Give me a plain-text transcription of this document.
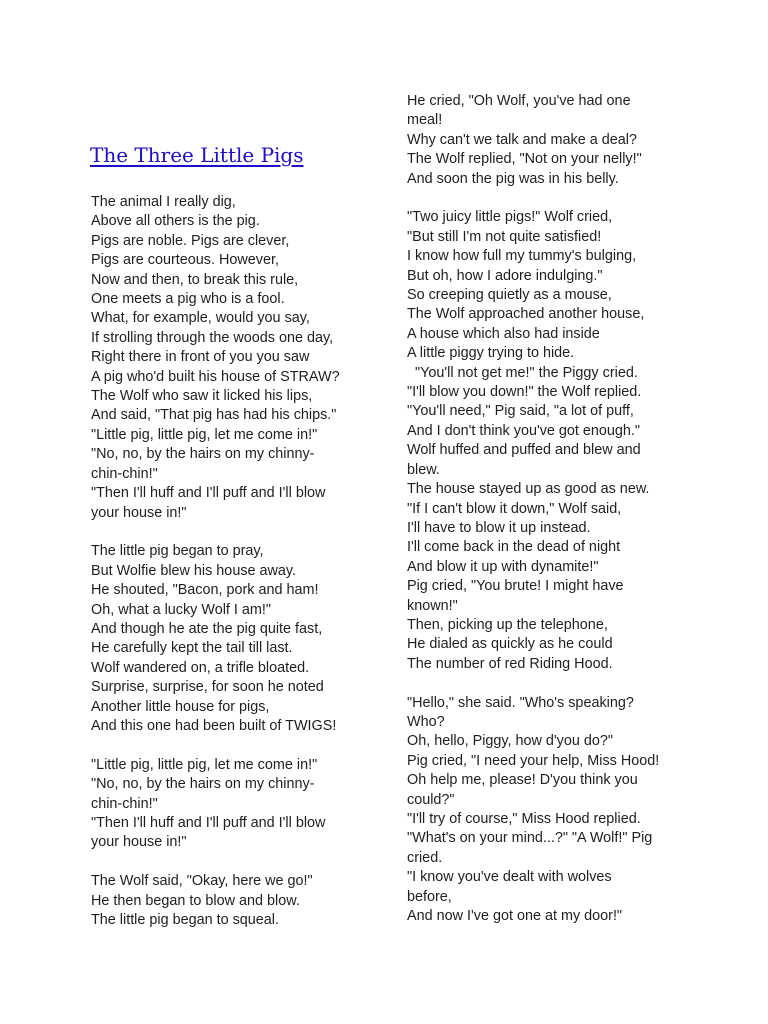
The Three Little Pigs
The animal I really dig,
Above all others is the pig.
Pigs are noble. Pigs are clever,
Pigs are courteous. However,
Now and then, to break this rule,
One meets a pig who is a fool.
What, for example, would you say,
If strolling through the woods one day,
Right there in front of you you saw
A pig who'd built his house of STRAW?
The Wolf who saw it licked his lips,
And said, "That pig has had his chips."
"Little pig, little pig, let me come in!"
"No, no, by the hairs on my chinny-
chin-chin!"
"Then I'll huff and I'll puff and I'll blow
your house in!"
The little pig began to pray,
But Wolfie blew his house away.
He shouted, "Bacon, pork and ham!
Oh, what a lucky Wolf I am!"
And though he ate the pig quite fast,
He carefully kept the tail till last.
Wolf wandered on, a trifle bloated.
Surprise, surprise, for soon he noted
Another little house for pigs,
And this one had been built of TWIGS!
"Little pig, little pig, let me come in!"
"No, no, by the hairs on my chinny-
chin-chin!"
"Then I'll huff and I'll puff and I'll blow
your house in!"
The Wolf said, "Okay, here we go!"
He then began to blow and blow.
The little pig began to squeal.
He cried, "Oh Wolf, you've had one
meal!
Why can't we talk and make a deal?
The Wolf replied, "Not on your nelly!"
And soon the pig was in his belly.
"Two juicy little pigs!" Wolf cried,
"But still I'm not quite satisfied!
I know how full my tummy's bulging,
But oh, how I adore indulging."
So creeping quietly as a mouse,
The Wolf approached another house,
A house which also had inside
A little piggy trying to hide.
"You'll not get me!" the Piggy cried.
"I'll blow you down!" the Wolf replied.
"You'll need," Pig said, "a lot of puff,
And I don't think you've got enough."
Wolf huffed and puffed and blew and
blew.
The house stayed up as good as new.
"If I can't blow it down," Wolf said,
I'll have to blow it up instead.
I'll come back in the dead of night
And blow it up with dynamite!"
Pig cried, "You brute! I might have
known!"
Then, picking up the telephone,
He dialed as quickly as he could
The number of red Riding Hood.
"Hello," she said. "Who's speaking?
Who?
Oh, hello, Piggy, how d'you do?"
Pig cried, "I need your help, Miss Hood!
Oh help me, please! D'you think you
could?"
"I'll try of course," Miss Hood replied.
"What's on your mind...?" "A Wolf!" Pig
cried.
"I know you've dealt with wolves
before,
And now I've got one at my door!"
